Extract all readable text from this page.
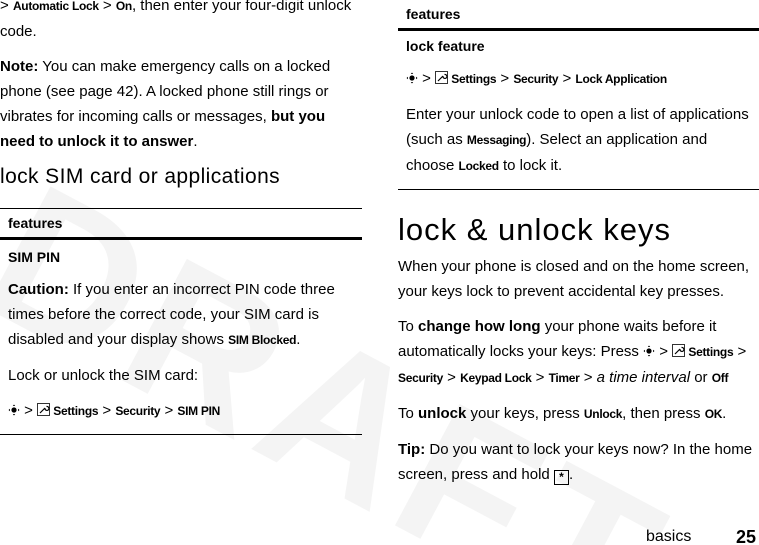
> Automatic Lock > On, then enter your four-digit unlock code.

Note: You can make emergency calls on a locked phone (see page 42). A locked phone still rings or vibrates for incoming calls or messages, but you need to unlock it to answer.

lock SIM card or applications
features
SIM PIN

Caution: If you enter an incorrect PIN code three times before the correct code, your SIM card is disabled and your display shows SIM Blocked.

Lock or unlock the SIM card:

> Settings > Security > SIM PIN

features
lock feature

> Settings > Security > Lock Application

Enter your unlock code to open a list of applications (such as Messaging). Select an application and choose Locked to lock it.

lock & unlock keys

When your phone is closed and on the home screen, your keys lock to prevent accidental key presses.

To change how long your phone waits before it automatically locks your keys: Press > Settings > Security > Keypad Lock > Timer > a time interval or Off

To unlock your keys, press Unlock, then press OK.

Tip: Do you want to lock your keys now? In the home screen, press and hold * .

basics 25
